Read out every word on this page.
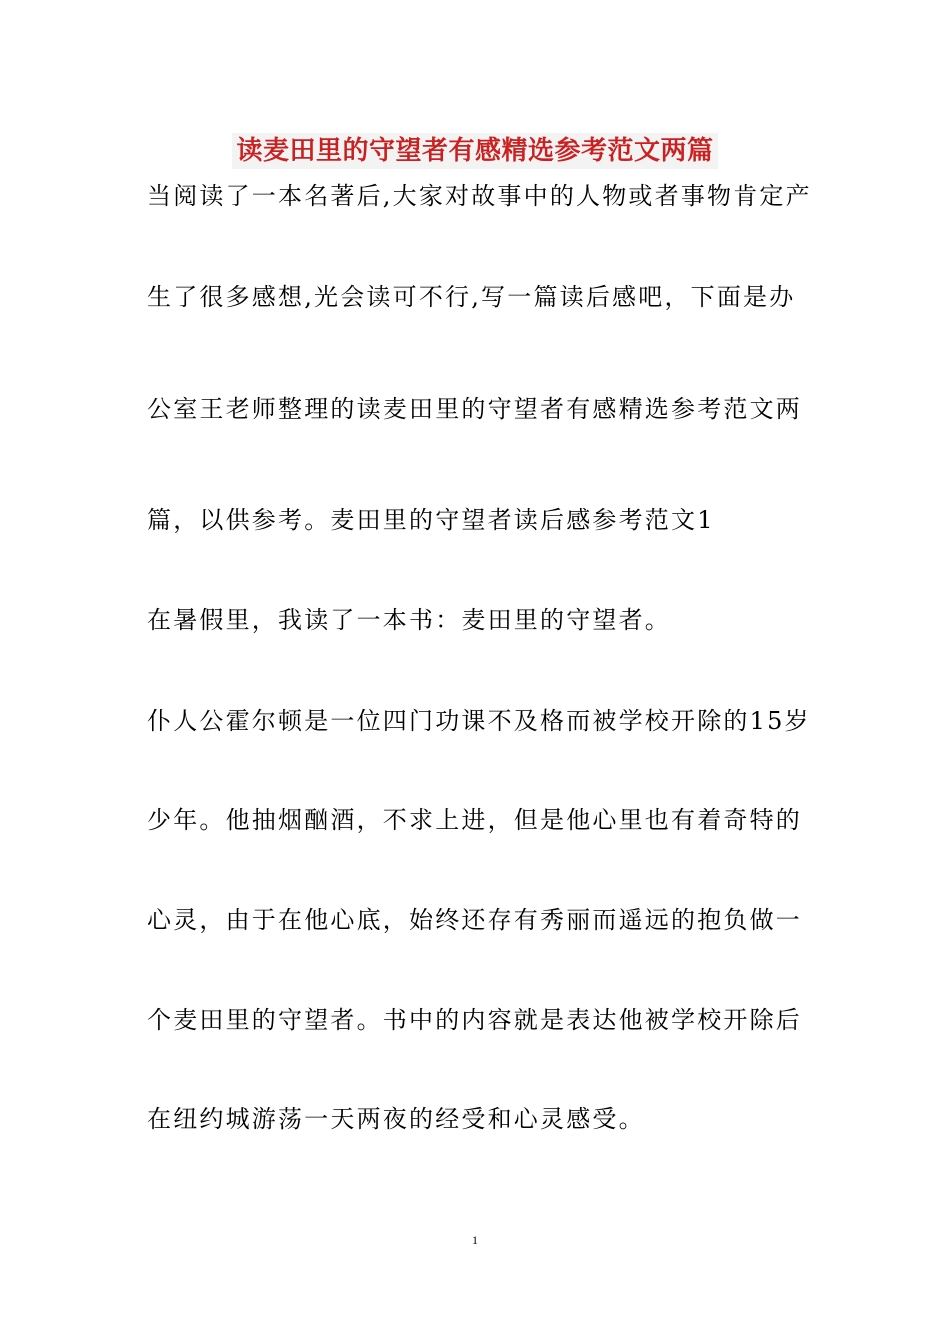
读麦田里的守望者有感精选参考范文两篇
当阅读了一本名著后,大家对故事中的人物或者事物肯定产
生了很多感想,光会读可不行,写一篇读后感吧，下面是办
公室王老师整理的读麦田里的守望者有感精选参考范文两
篇，以供参考。麦田里的守望者读后感参考范文1
在暑假里，我读了一本书：麦田里的守望者。
仆人公霍尔顿是一位四门功课不及格而被学校开除的15岁
少年。他抽烟酗酒，不求上进，但是他心里也有着奇特的
心灵，由于在他心底，始终还存有秀丽而遥远的抱负做一
个麦田里的守望者。书中的内容就是表达他被学校开除后
在纽约城游荡一天两夜的经受和心灵感受。
1
